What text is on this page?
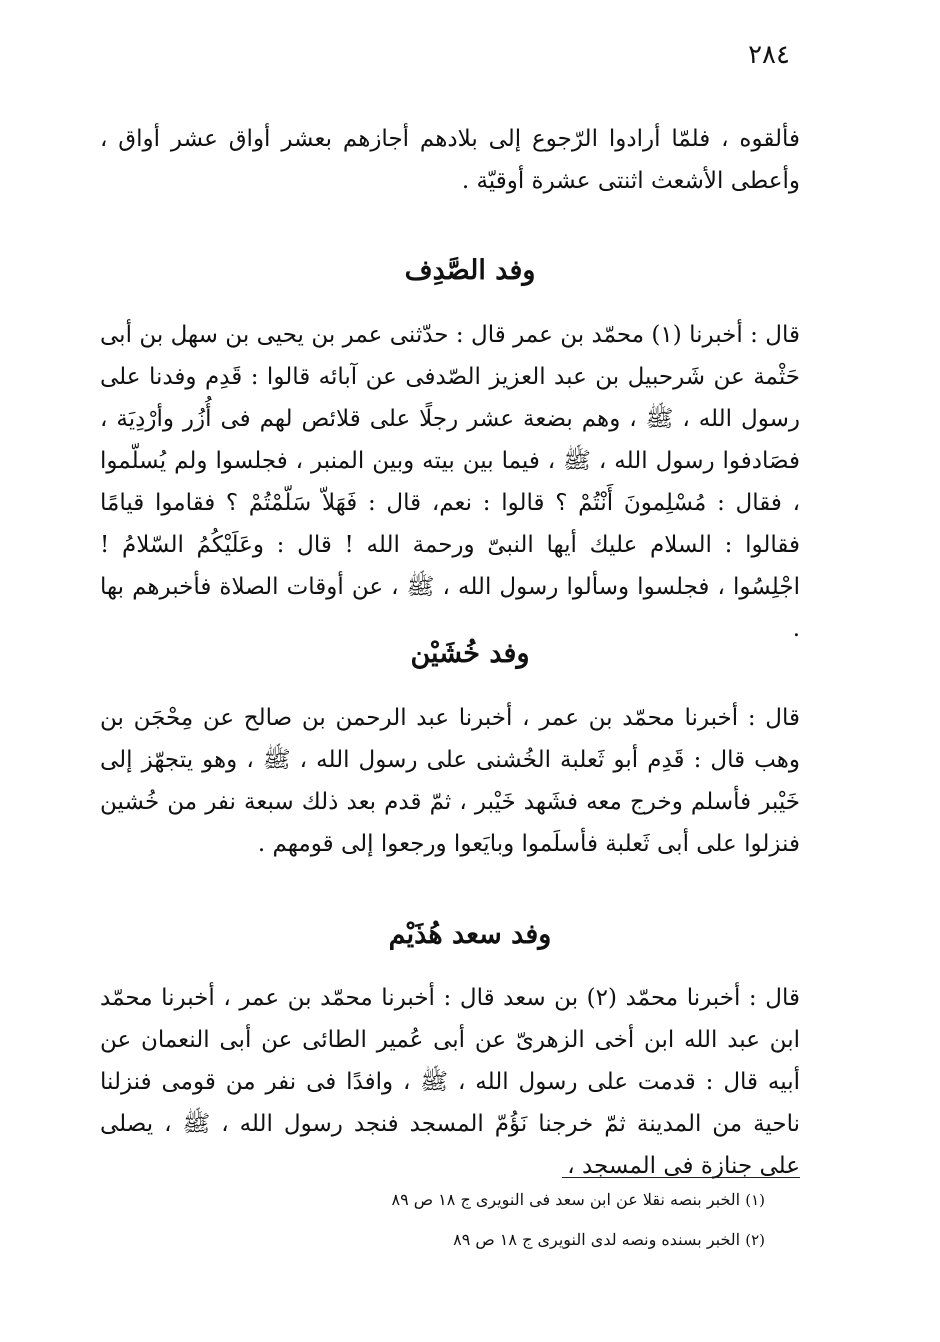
٢٨٤

فألقوه ، فلمّا أرادوا الرّجوع إلى بلادهم أجازهم بعشر أواق عشر أواق ، وأعطى الأشعث اثنتى عشرة أوقيّة .

وفد الصَّدِف

قال : أخبرنا (١) محمّد بن عمر قال : حدّثنى عمر بن يحيى بن سهل بن أبى حَثْمة عن شَرحبيل بن عبد العزيز الصّدفى عن آبائه قالوا : قَدِم وفدنا على رسول الله ، ﷺ ، وهم بضعة عشر رجلًا على قلائص لهم فى أُزُر وأرْدِيَة ، فصَادفوا رسول الله ، ﷺ ، فيما بين بيته وبين المنبر ، فجلسوا ولم يُسلّموا ، فقال : مُسْلِمونَ أَنْتُمْ ؟ قالوا : نعم، قال : فَهَلاّ سَلّمْتُمْ ؟ فقاموا قيامًا فقالوا : السلام عليك أيها النبىّ ورحمة الله ! قال : وعَلَيْكُمُ السّلامُ ! اجْلِسُوا ، فجلسوا وسألوا رسول الله ، ﷺ ، عن أوقات الصلاة فأخبرهم بها .

وفد خُشَيْن

قال : أخبرنا محمّد بن عمر ، أخبرنا عبد الرحمن بن صالح عن مِحْجَن بن وهب قال : قَدِم أبو ثَعلبة الخُشنى على رسول الله ، ﷺ ، وهو يتجهّز إلى خَيْبر فأسلم وخرج معه فشَهد خَيْبر ، ثمّ قدم بعد ذلك سبعة نفر من خُشين فنزلوا على أبى ثَعلبة فأسلَموا وبايَعوا ورجعوا إلى قومهم .

وفد سعد هُذَيْم

قال : أخبرنا محمّد (٢) بن سعد قال : أخبرنا محمّد بن عمر ، أخبرنا محمّد ابن عبد الله ابن أخى الزهرىّ عن أبى عُمير الطائى عن أبى النعمان عن أبيه قال : قدمت على رسول الله ، ﷺ ، وافدًا فى نفر من قومى فنزلنا ناحية من المدينة ثمّ خرجنا نَؤُمّ المسجد فنجد رسول الله ، ﷺ ، يصلى على جنازة فى المسجد ،

(١) الخبر بنصه نقلا عن ابن سعد فى النويرى ج ١٨ ص ٨٩
(٢) الخبر بسنده ونصه لدى النويرى ج ١٨ ص ٨٩
